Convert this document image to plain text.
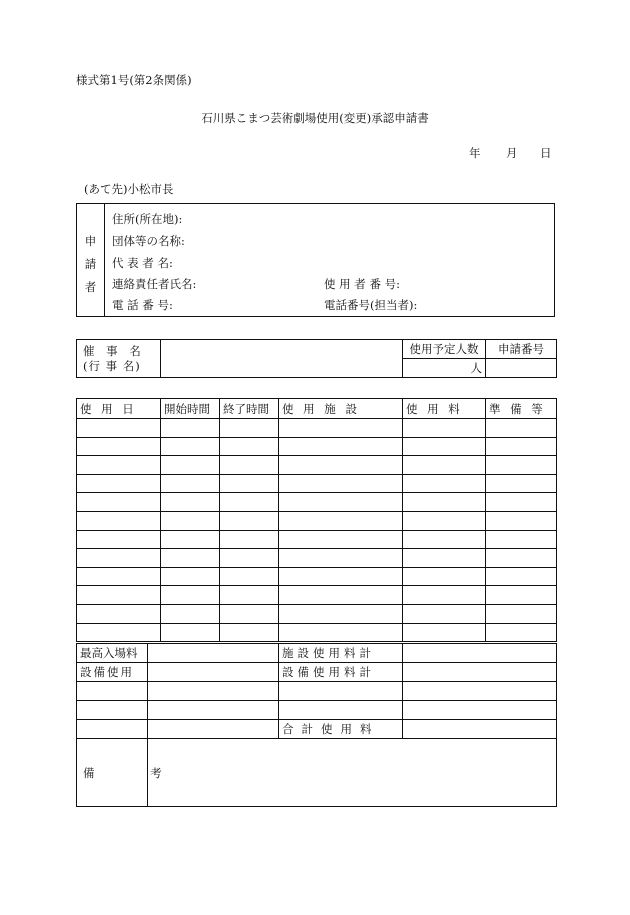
様式第1号(第2条関係)
石川県こまつ芸術劇場使用(変更)承認申請書
年 月 日
(あて先)小松市長
申
請
者
住所(所在地):
団体等の名称:
代 表 者 名:
連絡責任者氏名:	使 用 者 番 号:
電 話 番 号:	電話番号(担当者):
催 事 名
(行 事 名)		使用予定人数	申請番号
		人	
使 用 日	開始時間	終了時間	使 用 施 設	使 用 料	準 備 等

最高入場料		施設使用料計	
設備使用		設備使用料計	

		合計使用料	
備 考			
